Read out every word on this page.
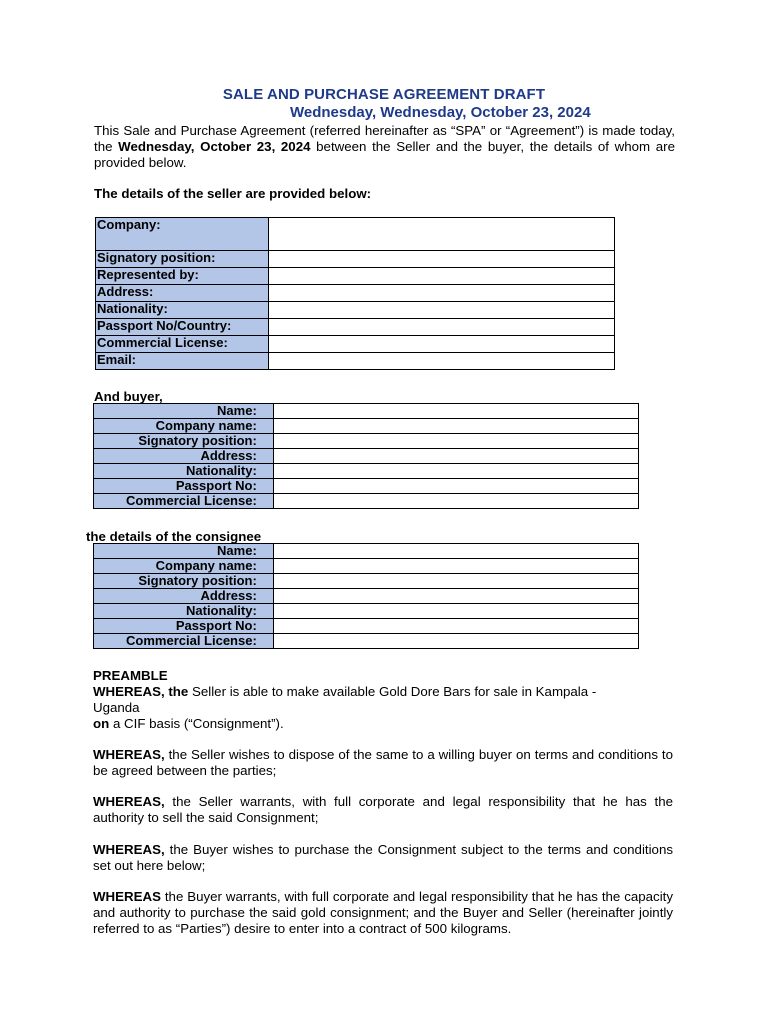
SALE AND PURCHASE AGREEMENT DRAFT
Wednesday, Wednesday, October 23, 2024
This Sale and Purchase Agreement (referred hereinafter as “SPA” or “Agreement”) is made today, the Wednesday, October 23, 2024 between the Seller and the buyer, the details of whom are provided below.
The details of the seller are provided below:
Company:	
Signatory position:	
Represented by:	
Address:	
Nationality:	
Passport No/Country:	
Commercial License:	
Email:	
And buyer,
Name:	
Company name:	
Signatory position:	
Address:	
Nationality:	
Passport No:	
Commercial License:	
the details of the consignee
Name:	
Company name:	
Signatory position:	
Address:	
Nationality:	
Passport No:	
Commercial License:	
PREAMBLE
WHEREAS, the Seller is able to make available Gold Dore Bars for sale in Kampala - Uganda
on a CIF basis (“Consignment”).
WHEREAS, the Seller wishes to dispose of the same to a willing buyer on terms and conditions to be agreed between the parties;
WHEREAS, the Seller warrants, with full corporate and legal responsibility that he has the authority to sell the said Consignment;
WHEREAS, the Buyer wishes to purchase the Consignment subject to the terms and conditions set out here below;
WHEREAS the Buyer warrants, with full corporate and legal responsibility that he has the capacity and authority to purchase the said gold consignment; and the Buyer and Seller (hereinafter jointly referred to as “Parties”) desire to enter into a contract of 500 kilograms.
